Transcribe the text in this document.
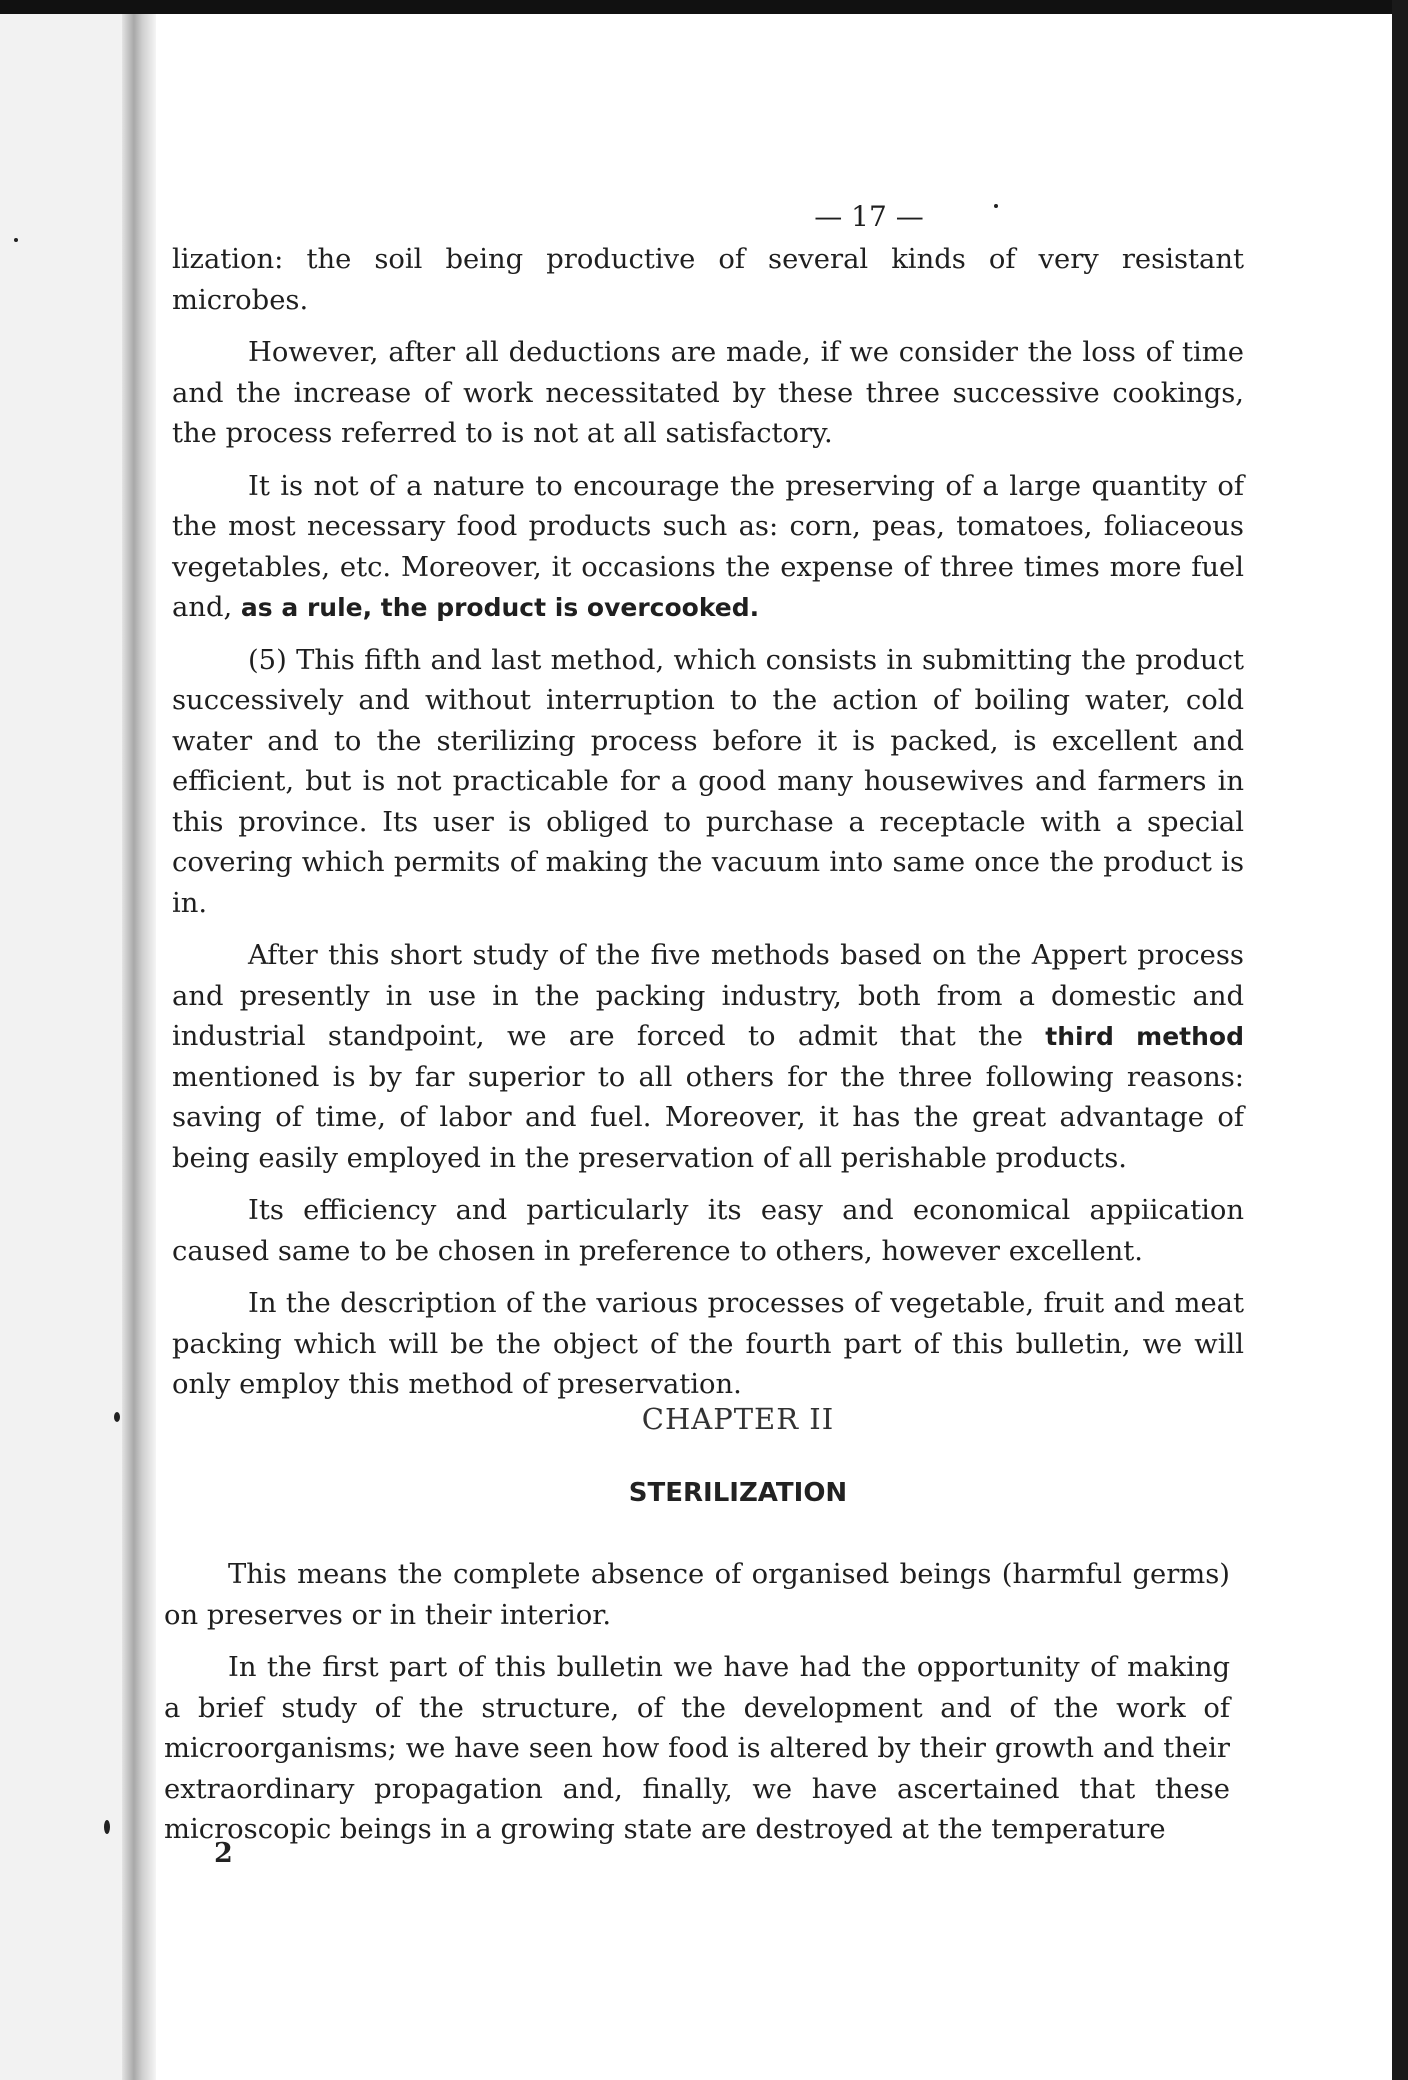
— 17 —

lization: the soil being productive of several kinds of very resistant microbes.

However, after all deductions are made, if we consider the loss of time and the increase of work necessitated by these three successive cookings, the process referred to is not at all satisfactory.

It is not of a nature to encourage the preserving of a large quantity of the most necessary food products such as: corn, peas, tomatoes, foliaceous vegetables, etc. Moreover, it occasions the expense of three times more fuel and, as a rule, the product is overcooked.

(5) This fifth and last method, which consists in submitting the product successively and without interruption to the action of boiling water, cold water and to the sterilizing process before it is packed, is excellent and efficient, but is not practicable for a good many housewives and farmers in this province. Its user is obliged to purchase a receptacle with a special covering which permits of making the vacuum into same once the product is in.

After this short study of the five methods based on the Appert process and presently in use in the packing industry, both from a domestic and industrial standpoint, we are forced to admit that the third method mentioned is by far superior to all others for the three following reasons: saving of time, of labor and fuel. Moreover, it has the great advantage of being easily employed in the preservation of all perishable products.

Its efficiency and particularly its easy and economical appiication caused same to be chosen in preference to others, however excellent.

In the description of the various processes of vegetable, fruit and meat packing which will be the object of the fourth part of this bulletin, we will only employ this method of preservation.

CHAPTER II
STERILIZATION

This means the complete absence of organised beings (harmful germs) on preserves or in their interior.

In the first part of this bulletin we have had the opportunity of making a brief study of the structure, of the development and of the work of microorganisms; we have seen how food is altered by their growth and their extraordinary propagation and, finally, we have ascertained that these microscopic beings in a growing state are destroyed at the temperature

2
